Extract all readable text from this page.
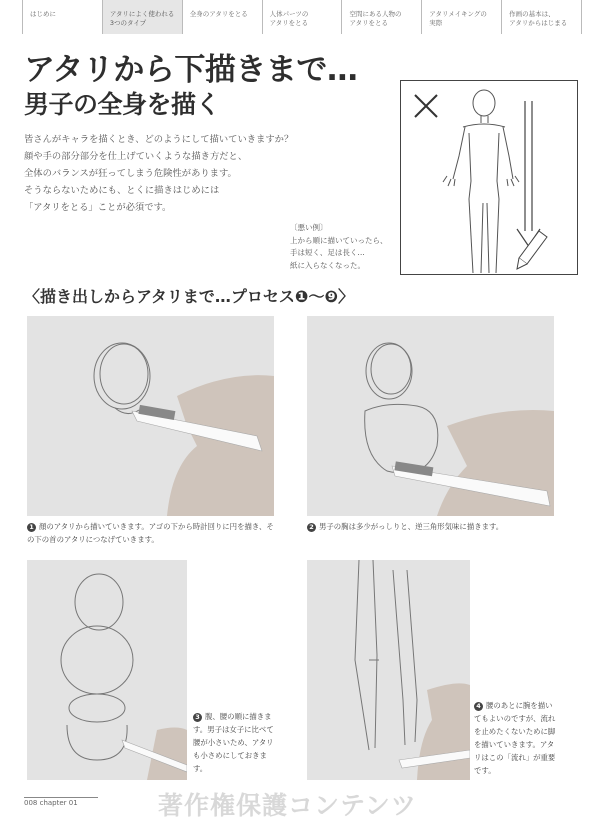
はじめに	アタリによく使われる
3つのタイプ
全身のアタリをとる	人体パーツの
アタリをとる
空間にある人物の
アタリをとる
アタリメイキングの
実際
作画の基本は、
アタリからはじまる
アタリから下描きまで…
男子の全身を描く
皆さんがキャラを描くとき、どのようにして描いていきますか？
顔や手の部分部分を仕上げていくような描き方だと、
全体のバランスが狂ってしまう危険性があります。
そうならないためにも、とくに描きはじめには
「アタリをとる」ことが必須です。
〔悪い例〕
上から順に描いていったら、
手は短く、足は長く…
紙に入らなくなった。
〈描き出しからアタリまで…プロセス❶〜❾〉
1 顔のアタリから描いていきます。アゴの下から時計回りに円を描き、その下の首のアタリにつなげていきます。
2 男子の胸は多少がっしりと、逆三角形気味に描きます。
3 腹、腰の順に描きます。男子は女子に比べて腰が小さいため、アタリも小さめにしておきます。
4 腰のあとに腕を描いてもよいのですが、流れを止めたくないために脚を描いていきます。アタリはこの「流れ」が重要です。
008 chapter 01	著作権保護コンテンツ
